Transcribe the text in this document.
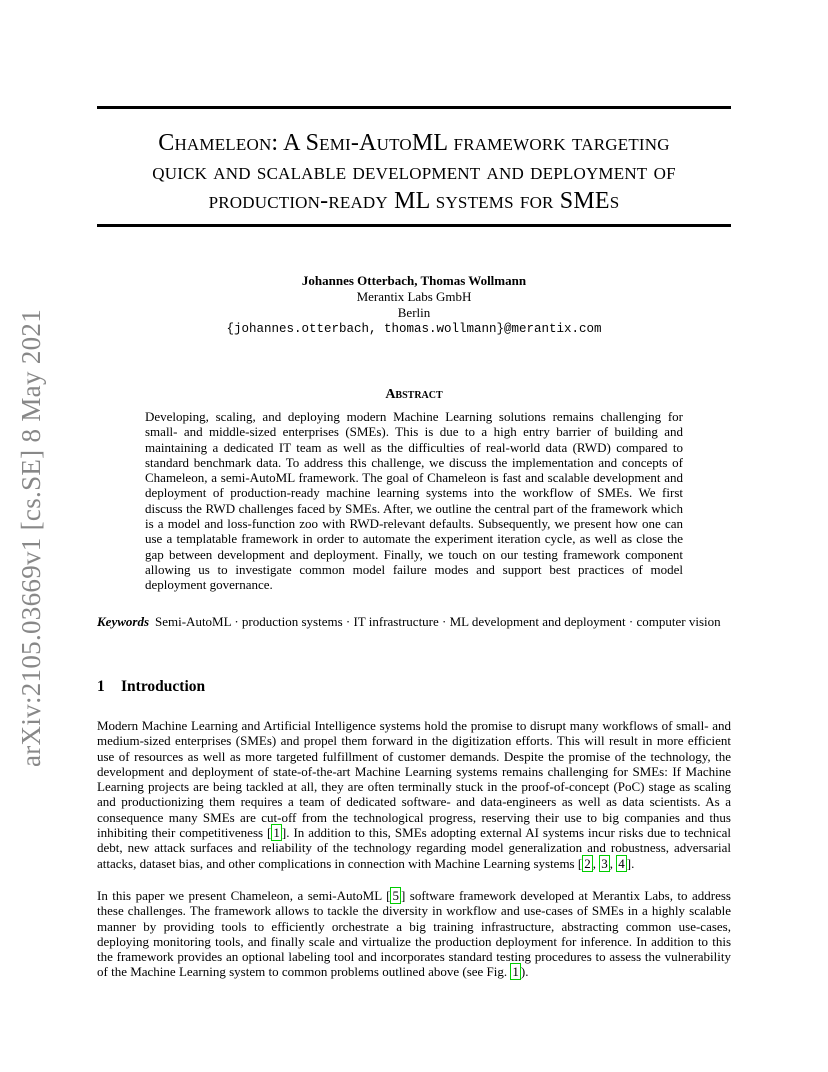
arXiv:2105.03669v1 [cs.SE] 8 May 2021
Chameleon: A Semi-AutoML framework targeting
quick and scalable development and deployment of
production-ready ML systems for SMEs
Johannes Otterbach, Thomas Wollmann
Merantix Labs GmbH
Berlin
{johannes.otterbach, thomas.wollmann}@merantix.com
Abstract
Developing, scaling, and deploying modern Machine Learning solutions remains challenging for small- and middle-sized enterprises (SMEs). This is due to a high entry barrier of building and maintaining a dedicated IT team as well as the difficulties of real-world data (RWD) compared to standard benchmark data. To address this challenge, we discuss the implementation and concepts of Chameleon, a semi-AutoML framework. The goal of Chameleon is fast and scalable development and deployment of production-ready machine learning systems into the workflow of SMEs. We first discuss the RWD challenges faced by SMEs. After, we outline the central part of the framework which is a model and loss-function zoo with RWD-relevant defaults. Subsequently, we present how one can use a templatable framework in order to automate the experiment iteration cycle, as well as close the gap between development and deployment. Finally, we touch on our testing framework component allowing us to investigate common model failure modes and support best practices of model deployment governance.
Keywords Semi-AutoML · production systems · IT infrastructure · ML development and deployment · computer vision
1 Introduction
Modern Machine Learning and Artificial Intelligence systems hold the promise to disrupt many workflows of small- and medium-sized enterprises (SMEs) and propel them forward in the digitization efforts. This will result in more efficient use of resources as well as more targeted fulfillment of customer demands. Despite the promise of the technology, the development and deployment of state-of-the-art Machine Learning systems remains challenging for SMEs: If Machine Learning projects are being tackled at all, they are often terminally stuck in the proof-of-concept (PoC) stage as scaling and productionizing them requires a team of dedicated software- and data-engineers as well as data scientists. As a consequence many SMEs are cut-off from the technological progress, reserving their use to big companies and thus inhibiting their competitiveness [ 1 ]. In addition to this, SMEs adopting external AI systems incur risks due to technical debt, new attack surfaces and reliability of the technology regarding model generalization and robustness, adversarial attacks, dataset bias, and other complications in connection with Machine Learning systems [ 2 , 3 , 4 ].
In this paper we present Chameleon, a semi-AutoML [ 5 ] software framework developed at Merantix Labs, to address these challenges. The framework allows to tackle the diversity in workflow and use-cases of SMEs in a highly scalable manner by providing tools to efficiently orchestrate a big training infrastructure, abstracting common use-cases, deploying monitoring tools, and finally scale and virtualize the production deployment for inference. In addition to this the framework provides an optional labeling tool and incorporates standard testing procedures to assess the vulnerability of the Machine Learning system to common problems outlined above (see Fig. 1 ).
